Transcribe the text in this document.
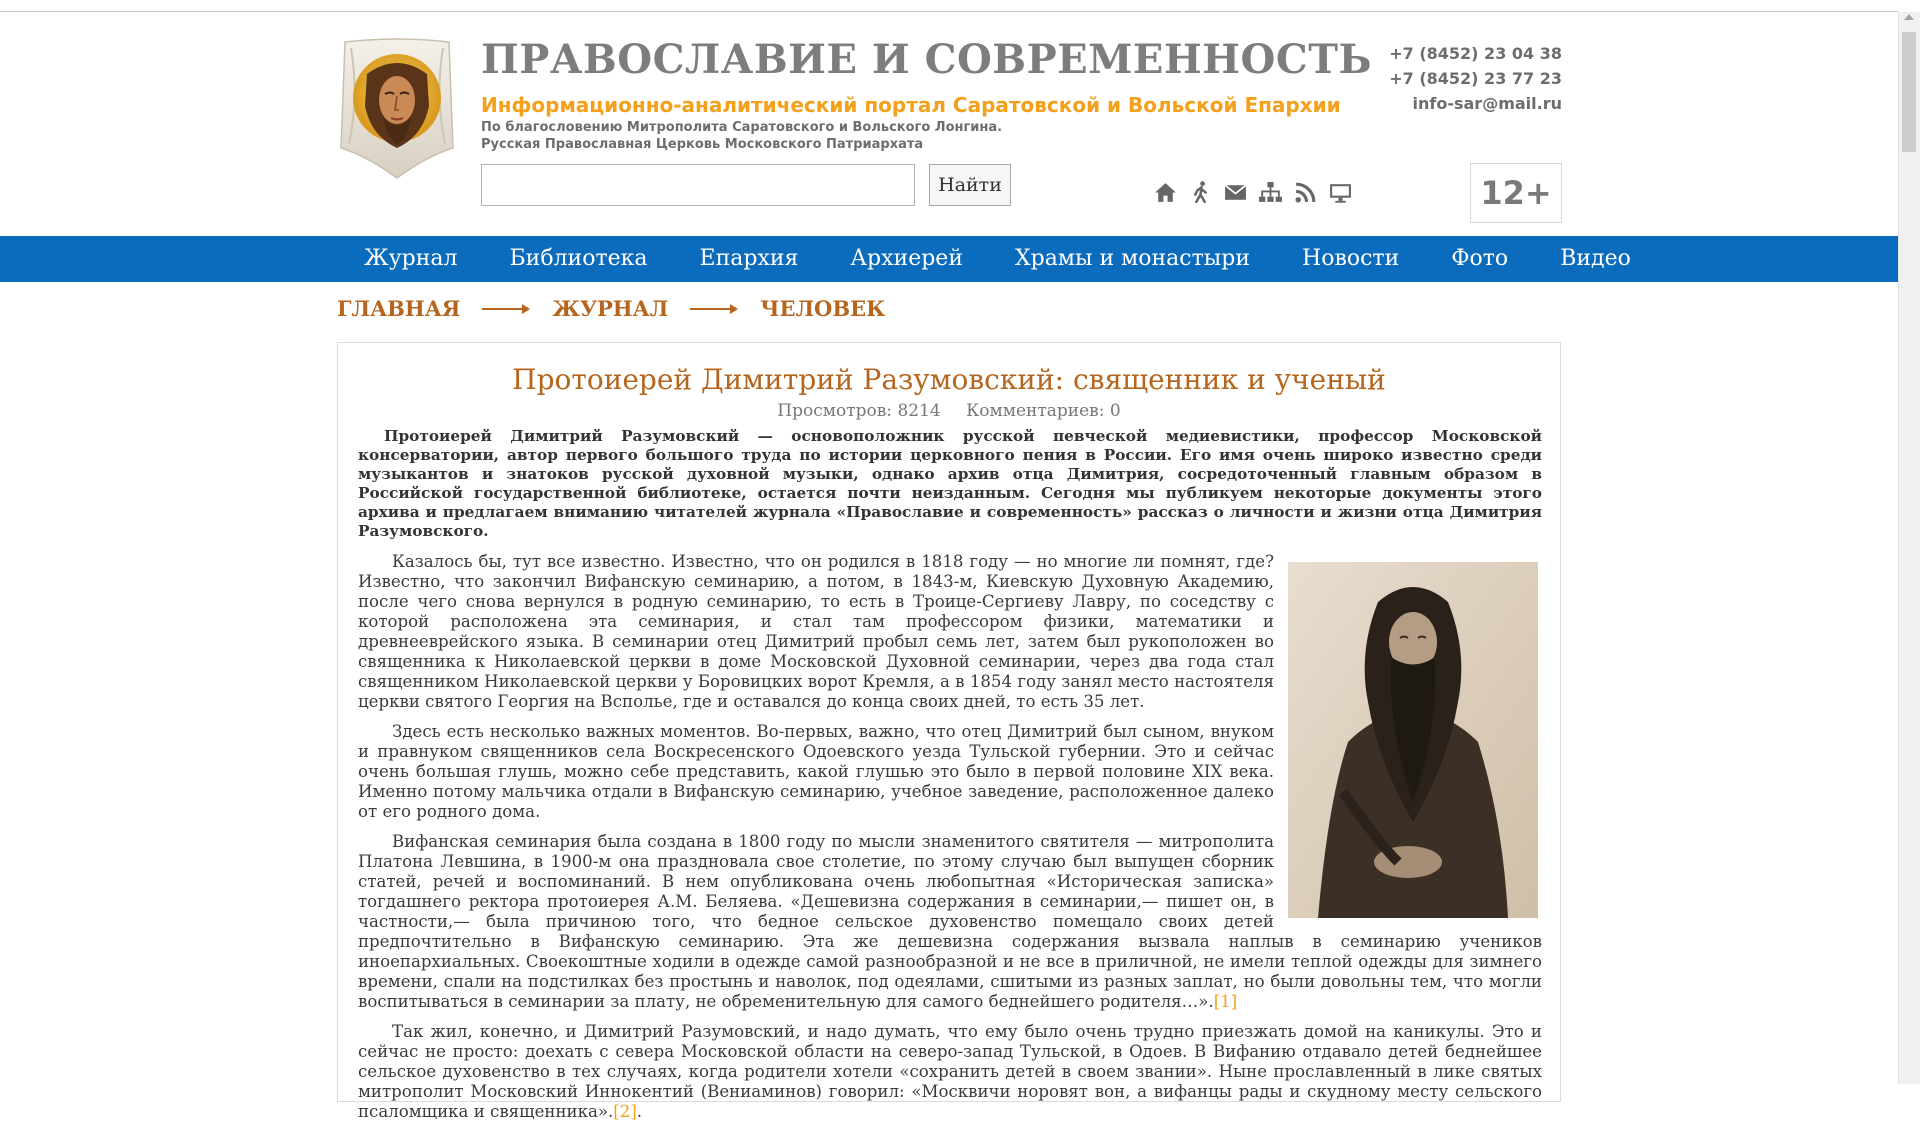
ПРАВОСЛАВИЕ И СОВРЕМЕННОСТЬ
Информационно-аналитический портал Саратовской и Вольской Епархии
По благословению Митрополита Саратовского и Вольского Лонгина.
Русская Православная Церковь Московского Патриархата
+7 (8452) 23 04 38
+7 (8452) 23 77 23
info-sar@mail.ru
Найти	12+
Журнал	Библиотека	Епархия	Архиерей	Храмы и монастыри	Новости	Фото	Видео
ГЛАВНАЯ	ЖУРНАЛ	ЧЕЛОВЕК
Протоиерей Димитрий Разумовский: священник и ученый
Просмотров: 8214 Комментариев: 0

Протоиерей Димитрий Разумовский — основоположник русской певческой медиевистики, профессор Московской консерватории, автор первого большого труда по истории церковного пения в России. Его имя очень широко известно среди музыкантов и знатоков русской духовной музыки, однако архив отца Димитрия, сосредоточенный главным образом в Российской государственной библиотеке, остается почти неизданным. Сегодня мы публикуем некоторые документы этого архива и предлагаем вниманию читателей журнала «Православие и современность» рассказ о личности и жизни отца Димитрия Разумовского.

Казалось бы, тут все известно. Известно, что он родился в 1818 году — но многие ли помнят, где? Известно, что закончил Вифанскую семинарию, а потом, в 1843-м, Киевскую Духовную Академию, после чего снова вернулся в родную семинарию, то есть в Троице-Сергиеву Лавру, по соседству с которой расположена эта семинария, и стал там профессором физики, математики и древнееврейского языка. В семинарии отец Димитрий пробыл семь лет, затем был рукоположен во священника к Николаевской церкви в доме Московской Духовной семинарии, через два года стал священником Николаевской церкви у Боровицких ворот Кремля, а в 1854 году занял место настоятеля церкви святого Георгия на Всполье, где и оставался до конца своих дней, то есть 35 лет.

Здесь есть несколько важных моментов. Во-первых, важно, что отец Димитрий был сыном, внуком и правнуком священников села Воскресенского Одоевского уезда Тульской губернии. Это и сейчас очень большая глушь, можно себе представить, какой глушью это было в первой половине XIX века. Именно потому мальчика отдали в Вифанскую семинарию, учебное заведение, расположенное далеко от его родного дома.

Вифанская семинария была создана в 1800 году по мысли знаменитого святителя — митрополита Платона Левшина, в 1900-м она праздновала свое столетие, по этому случаю был выпущен сборник статей, речей и воспоминаний. В нем опубликована очень любопытная «Историческая записка» тогдашнего ректора протоиерея А.М. Беляева. «Дешевизна содержания в семинарии,— пишет он, в частности,— была причиною того, что бедное сельское духовенство помещало своих детей предпочтительно в Вифанскую семинарию. Эта же дешевизна содержания вызвала наплыв в семинарию учеников иноепархиальных. Своекоштные ходили в одежде самой разнообразной и не все в приличной, не имели теплой одежды для зимнего времени, спали на подстилках без простынь и наволок, под одеялами, сшитыми из разных заплат, но были довольны тем, что могли воспитываться в семинарии за плату, не обременительную для самого беднейшего родителя…».[1]

Так жил, конечно, и Димитрий Разумовский, и надо думать, что ему было очень трудно приезжать домой на каникулы. Это и сейчас не просто: доехать с севера Московской области на северо-запад Тульской, в Одоев. В Вифанию отдавало детей беднейшее сельское духовенство в тех случаях, когда родители хотели «сохранить детей в своем звании». Ныне прославленный в лике святых митрополит Московский Иннокентий (Вениаминов) говорил: «Москвичи норовят вон, а вифанцы рады и скудному месту сельского псаломщика и священника».[2].
